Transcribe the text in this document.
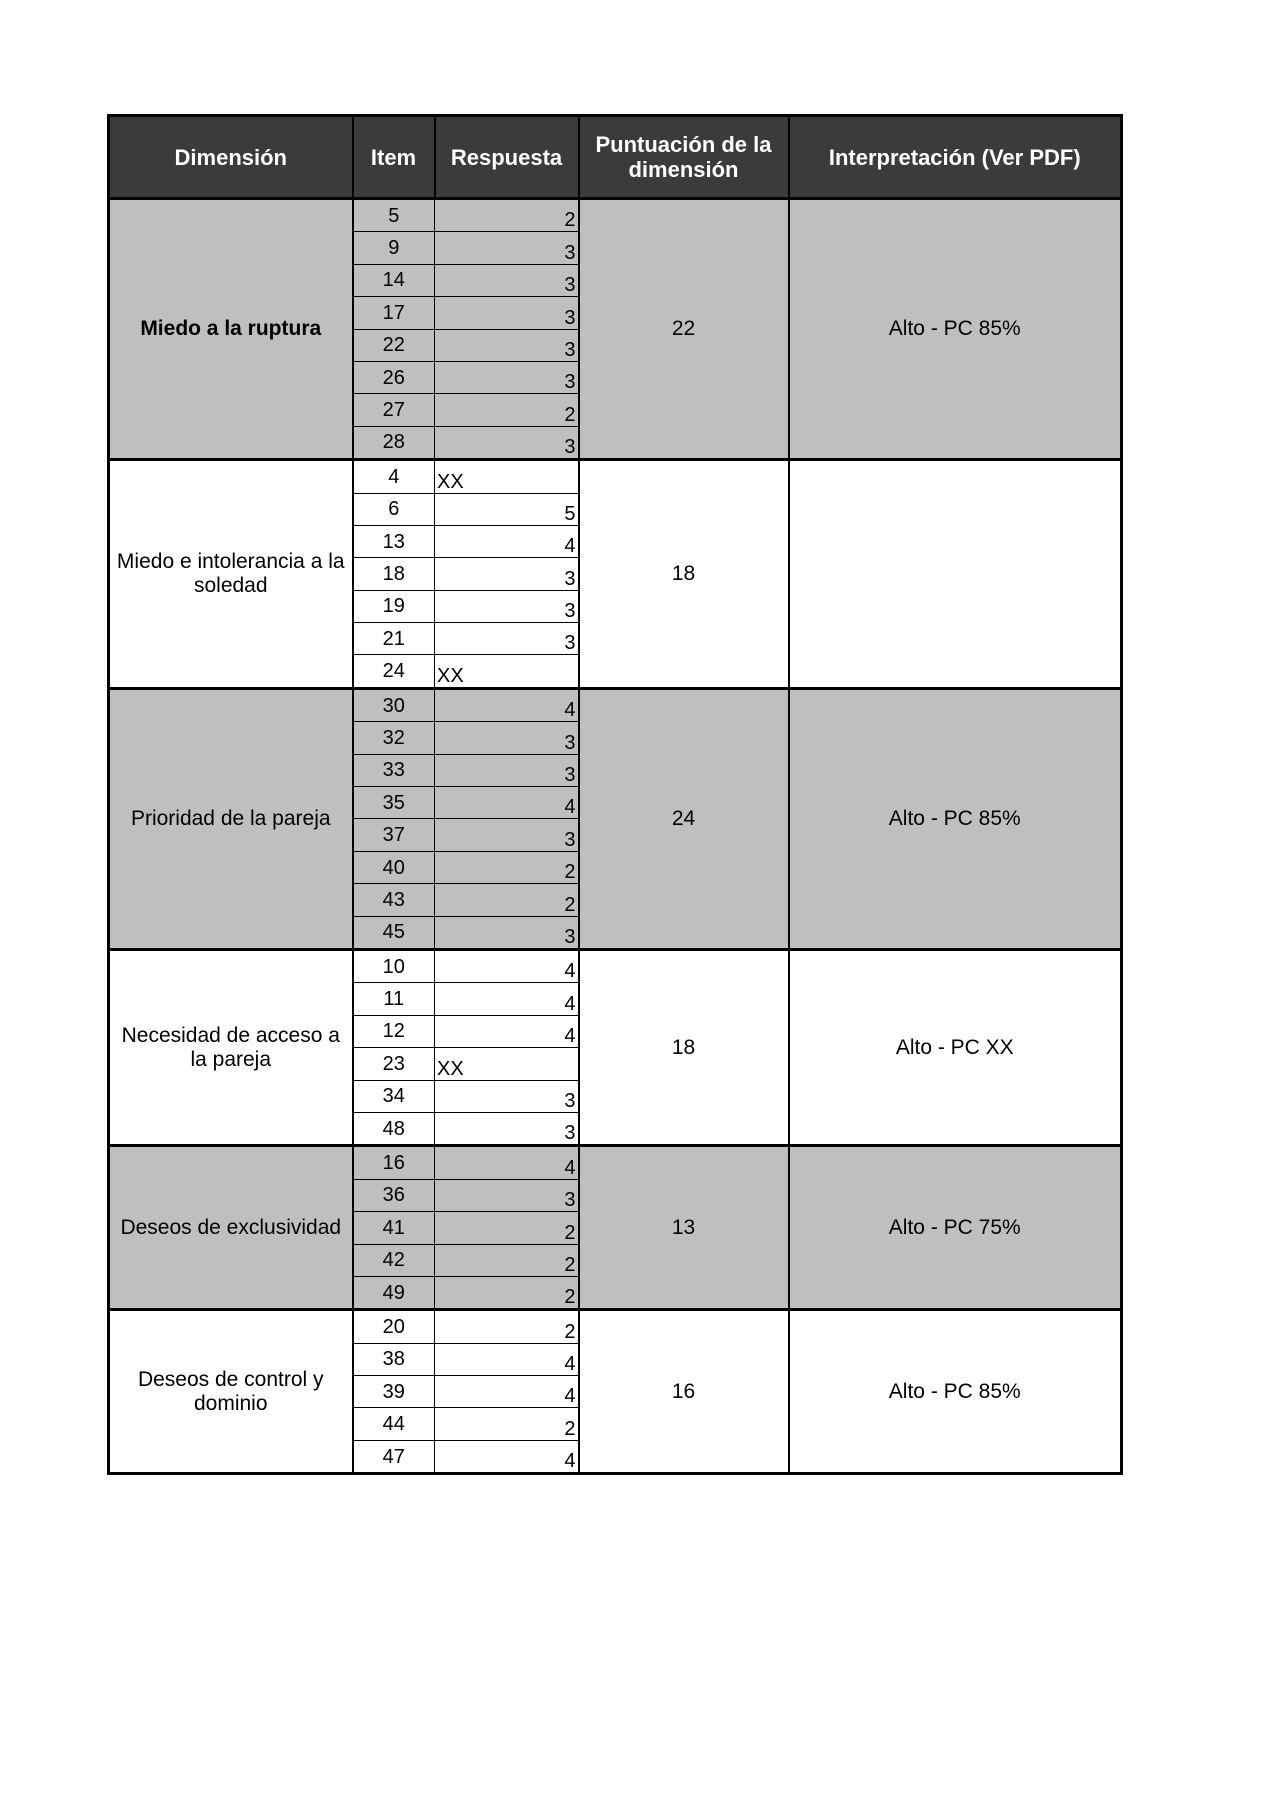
Dimensión	Item	Respuesta	Puntuación de la dimensión	Interpretación (Ver PDF)
Miedo a la ruptura	5	2	22	Alto - PC 85%
	9	3		
	14	3		
	17	3		
	22	3		
	26	3		
	27	2		
	28	3		
Miedo e intolerancia a la soledad	4	XX	18	
	6	5		
	13	4		
	18	3		
	19	3		
	21	3		
	24	XX		
Prioridad de la pareja	30	4	24	Alto - PC 85%
	32	3		
	33	3		
	35	4		
	37	3		
	40	2		
	43	2		
	45	3		
Necesidad de acceso a la pareja	10	4	18	Alto - PC XX
	11	4		
	12	4		
	23	XX		
	34	3		
	48	3		
Deseos de exclusividad	16	4	13	Alto - PC 75%
	36	3		
	41	2		
	42	2		
	49	2		
Deseos de control y dominio	20	2	16	Alto - PC 85%
	38	4		
	39	4		
	44	2		
	47	4		
